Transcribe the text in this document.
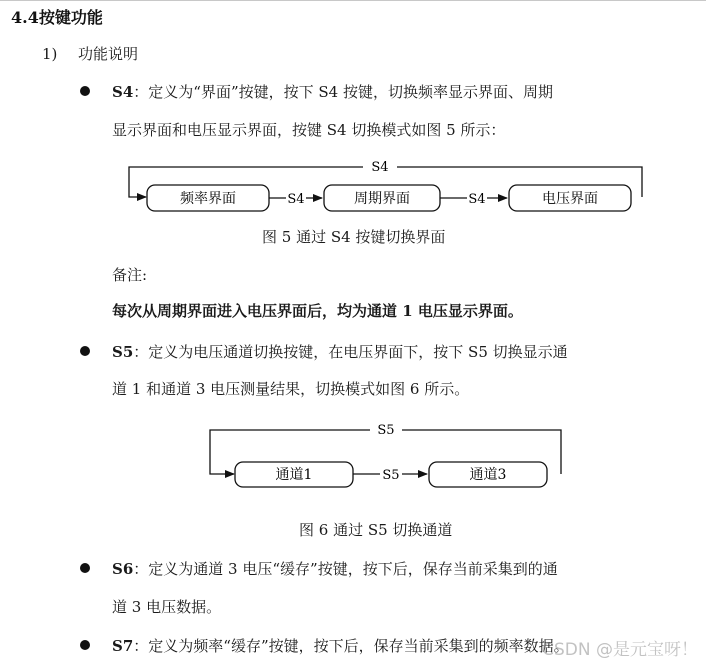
4.4按键功能
1) 功能说明
S4：定义为“界面”按键，按下 S4 按键，切换频率显示界面、周期
显示界面和电压显示界面，按键 S4 切换模式如图 5 所示：
S4
频率界面	周期界面	电压界面
S4	S4
图 5 通过 S4 按键切换界面
备注:
每次从周期界面进入电压界面后，均为通道 1 电压显示界面。
S5：定义为电压通道切换按键，在电压界面下，按下 S5 切换显示通
道 1 和通道 3 电压测量结果，切换模式如图 6 所示。
S5
通道1	通道3
S5
图 6 通过 S5 切换通道
S6：定义为通道 3 电压“缓存”按键，按下后，保存当前采集到的通
道 3 电压数据。
S7：定义为频率“缓存”按键，按下后，保存当前采集到的频率数据。
CSDN @是元宝呀！
